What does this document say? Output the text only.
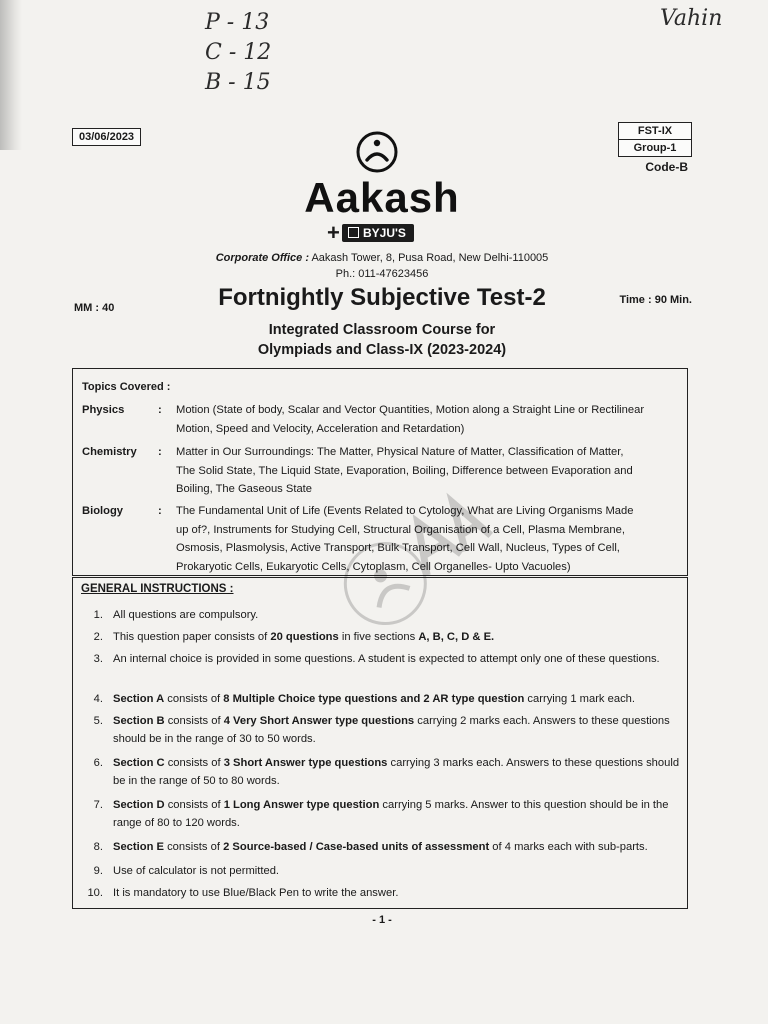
P - 13
C - 12
B - 15
Vahin
03/06/2023	FST-IX
Group-1
Code-B
Aakash
+	BYJU'S
Corporate Office : Aakash Tower, 8, Pusa Road, New Delhi-110005
Ph.: 011-47623456
MM : 40
Time : 90 Min.
Fortnightly Subjective Test-2
Integrated Classroom Course for
Olympiads and Class-IX (2023-2024)
Topics Covered :
Physics	: Motion (State of body, Scalar and Vector Quantities, Motion along a Straight Line or Rectilinear
Motion, Speed and Velocity, Acceleration and Retardation)
Chemistry	: Matter in Our Surroundings: The Matter, Physical Nature of Matter, Classification of Matter,
The Solid State, The Liquid State, Evaporation, Boiling, Difference between Evaporation and
Boiling, The Gaseous State
Biology	: The Fundamental Unit of Life (Events Related to Cytology, What are Living Organisms Made
up of?, Instruments for Studying Cell, Structural Organisation of a Cell, Plasma Membrane,
Osmosis, Plasmolysis, Active Transport, Bulk Transport, Cell Wall, Nucleus, Types of Cell,
Prokaryotic Cells, Eukaryotic Cells, Cytoplasm, Cell Organelles- Upto Vacuoles)
GENERAL INSTRUCTIONS :
1. All questions are compulsory.
2. This question paper consists of 20 questions in five sections A, B, C, D & E.
3. An internal choice is provided in some questions. A student is expected to attempt only one of these questions.
4. Section A consists of 8 Multiple Choice type questions and 2 AR type question carrying 1 mark each.
5. Section B consists of 4 Very Short Answer type questions carrying 2 marks each. Answers to these questions should be in the range of 30 to 50 words.
6. Section C consists of 3 Short Answer type questions carrying 3 marks each. Answers to these questions should be in the range of 50 to 80 words.
7. Section D consists of 1 Long Answer type question carrying 5 marks. Answer to this question should be in the range of 80 to 120 words.
8. Section E consists of 2 Source-based / Case-based units of assessment of 4 marks each with sub-parts.
9. Use of calculator is not permitted.
10. It is mandatory to use Blue/Black Pen to write the answer.
- 1 -
